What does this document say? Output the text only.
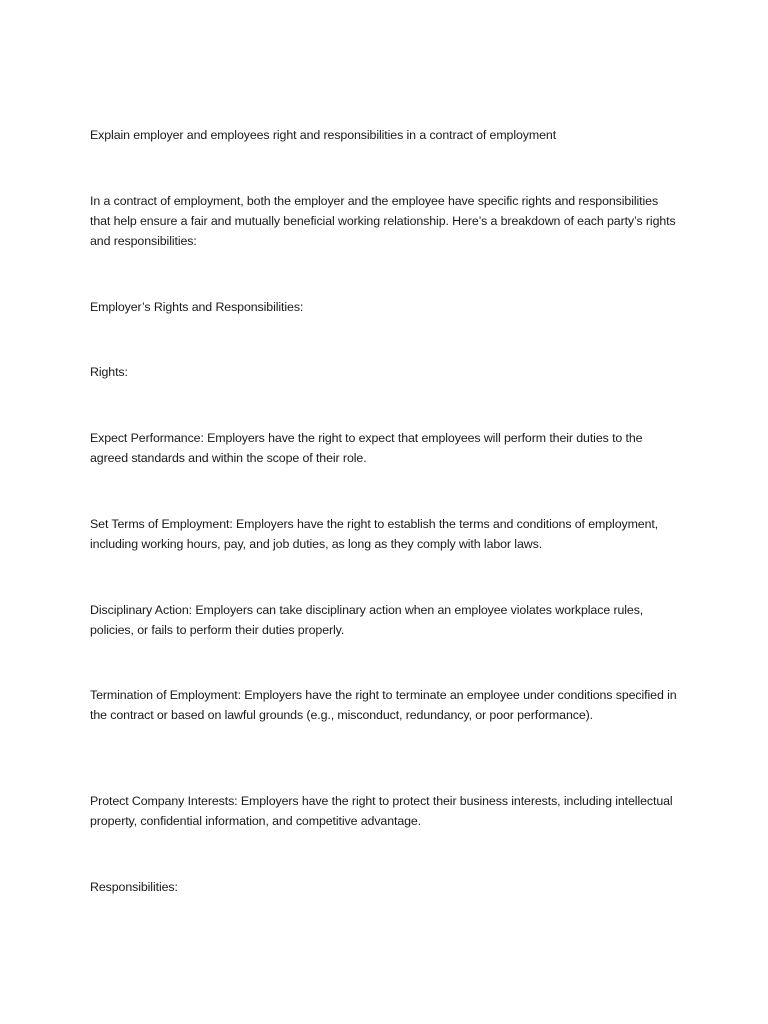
Explain employer and employees right and responsibilities in a contract of employment

In a contract of employment, both the employer and the employee have specific rights and responsibilities that help ensure a fair and mutually beneficial working relationship. Here’s a breakdown of each party’s rights and responsibilities:

Employer’s Rights and Responsibilities:

Rights:

Expect Performance: Employers have the right to expect that employees will perform their duties to the agreed standards and within the scope of their role.

Set Terms of Employment: Employers have the right to establish the terms and conditions of employment, including working hours, pay, and job duties, as long as they comply with labor laws.

Disciplinary Action: Employers can take disciplinary action when an employee violates workplace rules, policies, or fails to perform their duties properly.

Termination of Employment: Employers have the right to terminate an employee under conditions specified in the contract or based on lawful grounds (e.g., misconduct, redundancy, or poor performance).

Protect Company Interests: Employers have the right to protect their business interests, including intellectual property, confidential information, and competitive advantage.

Responsibilities:
